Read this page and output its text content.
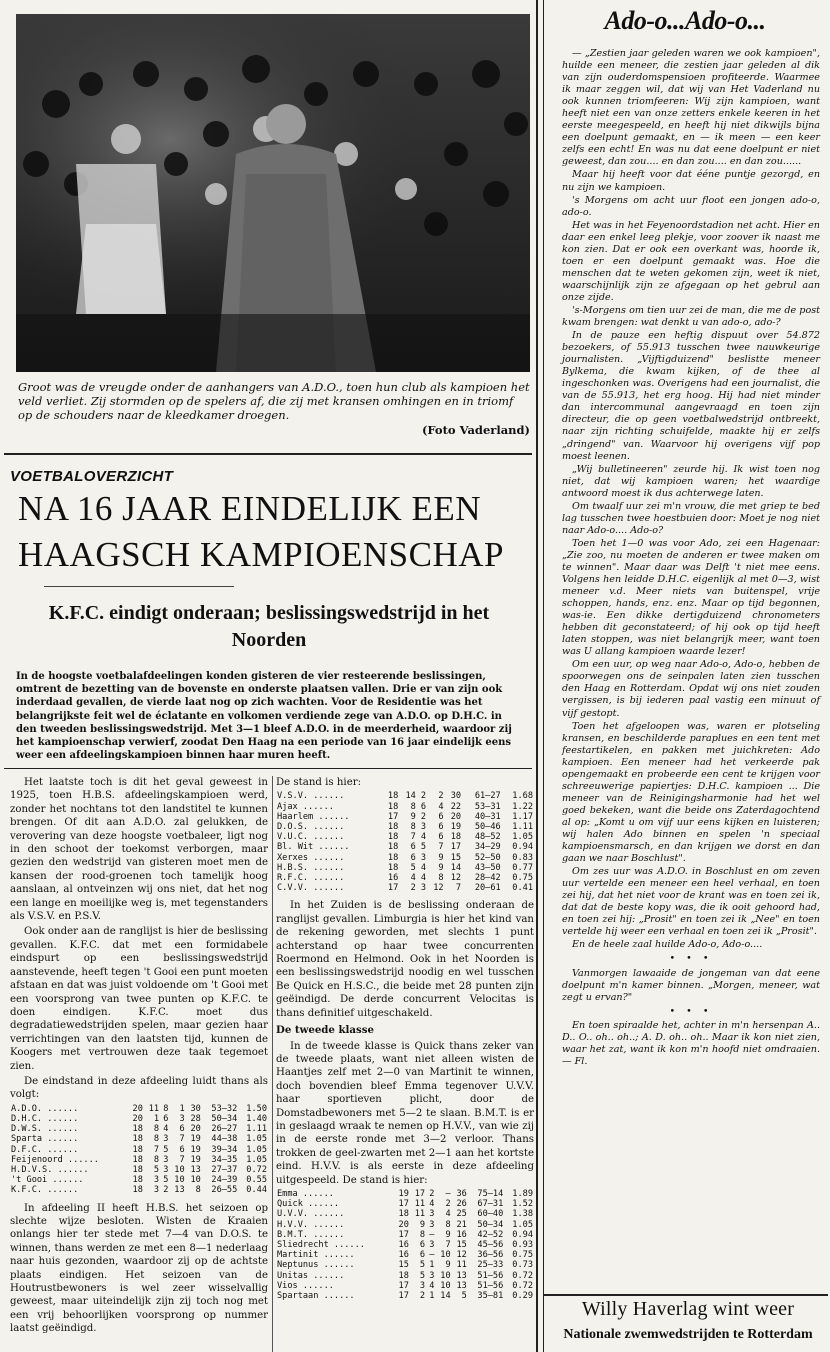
Groot was de vreugde onder de aanhangers van A.D.O., toen hun club als kampioen het veld verliet. Zij stormden op de spelers af, die zij met kransen omhingen en in triomf op de schouders naar de kleedkamer droegen.
(Foto Vaderland)
VOETBALOVERZICHT
NA 16 JAAR EINDELIJK EEN HAAGSCH KAMPIOENSCHAP
K.F.C. eindigt onderaan; beslissingswedstrijd in het Noorden
In de hoogste voetbalafdeelingen konden gisteren de vier resteerende beslissingen, omtrent de bezetting van de bovenste en onderste plaatsen vallen. Drie er van zijn ook inderdaad gevallen, de vierde laat nog op zich wachten. Voor de Residentie was het belangrijkste feit wel de éclatante en volkomen verdiende zege van A.D.O. op D.H.C. in den tweeden beslissingswedstrijd. Met 3—1 bleef A.D.O. in de meerderheid, waardoor zij het kampioenschap verwierf, zoodat Den Haag na een periode van 16 jaar eindelijk eens weer een afdeelingskampioen binnen haar muren heeft.

Het laatste toch is dit het geval geweest in 1925, toen H.B.S. afdeelingskampioen werd, zonder het nochtans tot den landstitel te kunnen brengen. Of dit aan A.D.O. zal gelukken, de verovering van deze hoogste voetbaleer, ligt nog in den schoot der toekomst verborgen, maar gezien den wedstrijd van gisteren moet men de kansen der rood-groenen toch tamelijk hoog aanslaan, al ontveinzen wij ons niet, dat het nog een lange en moeilijke weg is, met tegenstanders als V.S.V. en P.S.V.

Ook onder aan de ranglijst is hier de beslissing gevallen. K.F.C. dat met een formidabele eindspurt op een beslissingswedstrijd aanstevende, heeft tegen 't Gooi een punt moeten afstaan en dat was juist voldoende om 't Gooi met een voorsprong van twee punten op K.F.C. te doen eindigen. K.F.C. moet dus degradatiewedstrijden spelen, maar gezien haar verrichtingen van den laatsten tijd, kunnen de Koogers met vertrouwen deze taak tegemoet zien.

De eindstand in deze afdeeling luidt thans als volgt:

A.D.O. ......	20	11	8	1	30	53—32	1.50
D.H.C. ......	20	1	6	3	28	50—34	1.40
D.W.S. ......	18	8	4	6	20	26—27	1.11
Sparta ......	18	8	3	7	19	44—38	1.05
D.F.C. ......	18	7	5	6	19	39—34	1.05
Feijenoord ......	18	8	3	7	19	34—35	1.05
H.D.V.S. ......	18	5	3	10	13	27—37	0.72
't Gooi ......	18	3	5	10	10	24—39	0.55
K.F.C. ......	18	3	2	13	8	26—55	0.44

In afdeeling II heeft H.B.S. het seizoen op slechte wijze besloten. Wisten de Kraaien onlangs hier ter stede met 7—4 van D.O.S. te winnen, thans werden ze met een 8—1 nederlaag naar huis gezonden, waardoor zij op de achtste plaats eindigen. Het seizoen van de Houtrustbewoners is wel zeer wisselvallig geweest, maar uiteindelijk zijn zij toch nog met een vrij behoorlijken voorsprong op nummer laatst geëindigd.

De stand is hier:

V.S.V. ......	18	14	2	2	30	61—27	1.68
Ajax ......	18	8	6	4	22	53—31	1.22
Haarlem ......	17	9	2	6	20	40—31	1.17
D.O.S. ......	18	8	3	6	19	50—46	1.11
V.U.C. ......	18	7	4	6	18	48—52	1.05
Bl. Wit ......	18	6	5	7	17	34—29	0.94
Xerxes ......	18	6	3	9	15	52—50	0.83
H.B.S. ......	18	5	4	9	14	43—50	0.77
R.F.C. ......	16	4	4	8	12	28—42	0.75
C.V.V. ......	17	2	3	12	7	20—61	0.41

In het Zuiden is de beslissing onderaan de ranglijst gevallen. Limburgia is hier het kind van de rekening geworden, met slechts 1 punt achterstand op haar twee concurrenten Roermond en Helmond. Ook in het Noorden is een beslissingswedstrijd noodig en wel tusschen Be Quick en H.S.C., die beide met 28 punten zijn geëindigd. De derde concurrent Velocitas is thans definitief uitgeschakeld.

De tweede klasse

In de tweede klasse is Quick thans zeker van de tweede plaats, want niet alleen wisten de Haantjes zelf met 2—0 van Martinit te winnen, doch bovendien bleef Emma tegenover U.V.V. haar sportieven plicht, door de Domstadbewoners met 5—2 te slaan. B.M.T. is er in geslaagd wraak te nemen op H.V.V., van wie zij in de eerste ronde met 3—2 verloor. Thans trokken de geel-zwarten met 2—1 aan het kortste eind. H.V.V. is als eerste in deze afdeeling uitgespeeld. De stand is hier:

Emma ......	19	17	2	—	36	75—14	1.89
Quick ......	17	11	4	2	26	67—31	1.52
U.V.V. ......	18	11	3	4	25	60—40	1.38
H.V.V. ......	20	9	3	8	21	50—34	1.05
B.M.T. ......	17	8	—	9	16	42—52	0.94
Sliedrecht ......	16	6	3	7	15	45—56	0.93
Martinit ......	16	6	—	10	12	36—56	0.75
Neptunus ......	15	5	1	9	11	25—33	0.73
Unitas ......	18	5	3	10	13	51—56	0.72
Vios ......	17	3	4	10	13	51—56	0.72
Spartaan ......	17	2	1	14	5	35—81	0.29
Ado-o...Ado-o...

— „Zestien jaar geleden waren we ook kampioen", huilde een meneer, die zestien jaar geleden al dik van zijn ouderdomspensioen profiteerde. Waarmee ik maar zeggen wil, dat wij van Het Vaderland nu ook kunnen triomfeeren: Wij zijn kampioen, want heeft niet een van onze zetters enkele keeren in het eerste meegespeeld, en heeft hij niet dikwijls bijna een doelpunt gemaakt, en — ik meen — een keer zelfs een echt! En was nu dat eene doelpunt er niet geweest, dan zou.... en dan zou.... en dan zou......

Maar hij heeft voor dat ééne puntje gezorgd, en nu zijn we kampioen.

's Morgens om acht uur floot een jongen ado-o, ado-o.

Het was in het Feyenoordstadion net acht. Hier en daar een enkel leeg plekje, voor zoover ik naast me kon zien. Dat er ook een overkant was, hoorde ik, toen er een doelpunt gemaakt was. Hoe die menschen dat te weten gekomen zijn, weet ik niet, waarschijnlijk zijn ze afgegaan op het gebrul aan onze zijde.

's-Morgens om tien uur zei de man, die me de post kwam brengen: wat denkt u van ado-o, ado-?

In de pauze een heftig dispuut over 54.872 bezoekers, of 55.913 tusschen twee nauwkeurige journalisten. „Vijftigduizend" beslistte meneer Bylkema, die kwam kijken, of de thee al ingeschonken was. Overigens had een journalist, die van de 55.913, het erg hoog. Hij had niet minder dan intercommunal aangevraagd en toen zijn directeur, die op geen voetbalwedstrijd ontbreekt, naar zijn richting schuifelde, maakte hij er zelfs „dringend" van. Waarvoor hij overigens vijf pop moest leenen.

„Wij bulletineeren" zeurde hij. Ik wist toen nog niet, dat wij kampioen waren; het waardige antwoord moest ik dus achterwege laten.

Om twaalf uur zei m'n vrouw, die met griep te bed lag tusschen twee hoestbuien door: Moet je nog niet naar Ado-o.... Ado-o?

Toen het 1—0 was voor Ado, zei een Hagenaar: „Zie zoo, nu moeten de anderen er twee maken om te winnen". Maar daar was Delft 't niet mee eens. Volgens hen leidde D.H.C. eigenlijk al met 0—3, wist meneer v.d. Meer niets van buitenspel, vrije schoppen, hands, enz. enz. Maar op tijd begonnen, was-ie. Een dikke dertigduizend chronometers hebben dit geconstateerd; of hij ook op tijd heeft laten stoppen, was niet belangrijk meer, want toen was U allang kampioen waarde lezer!

Om een uur, op weg naar Ado-o, Ado-o, hebben de spoorwegen ons de seinpalen laten zien tusschen den Haag en Rotterdam. Opdat wij ons niet zouden vergissen, is bij iederen paal vastig een minuut of vijf gestopt.

Toen het afgeloopen was, waren er plotseling kransen, en beschilderde paraplues en een tent met feestartikelen, en pakken met juichkreten: Ado kampioen. Een meneer had het verkeerde pak opengemaakt en probeerde een cent te krijgen voor schreeuwerige papiertjes: D.H.C. kampioen ... Die meneer van de Reinigingsharmonie had het wel goed bekeken, want die beide ons Zaterdagochtend al op: „Komt u om vijf uur eens kijken en luisteren; wij halen Ado binnen en spelen 'n speciaal kampioensmarsch, en dan krijgen we dorst en dan gaan we naar Boschlust".

Om zes uur was A.D.O. in Boschlust en om zeven uur vertelde een meneer een heel verhaal, en toen zei hij, dat het niet voor de krant was en toen zei ik, dat dat de beste kopy was, die ik ooit gehoord had, en toen zei hij: „Prosit" en toen zei ik „Nee" en toen vertelde hij weer een verhaal en toen zei ik „Prosit".

En de heele zaal huilde Ado-o, Ado-o....

• • •

Vanmorgen lawaaide de jongeman van dat eene doelpunt m'n kamer binnen. „Morgen, meneer, wat zegt u ervan?"

• • •

En toen spiraalde het, achter in m'n hersenpan A.. D.. O.. oh.. oh..; A. D. oh.. oh.. Maar ik kon niet zien, waar het zat, want ik kon m'n hoofd niet omdraaien. — Fl.

Willy Haverlag wint weer
Nationale zwemwedstrijden te Rotterdam
